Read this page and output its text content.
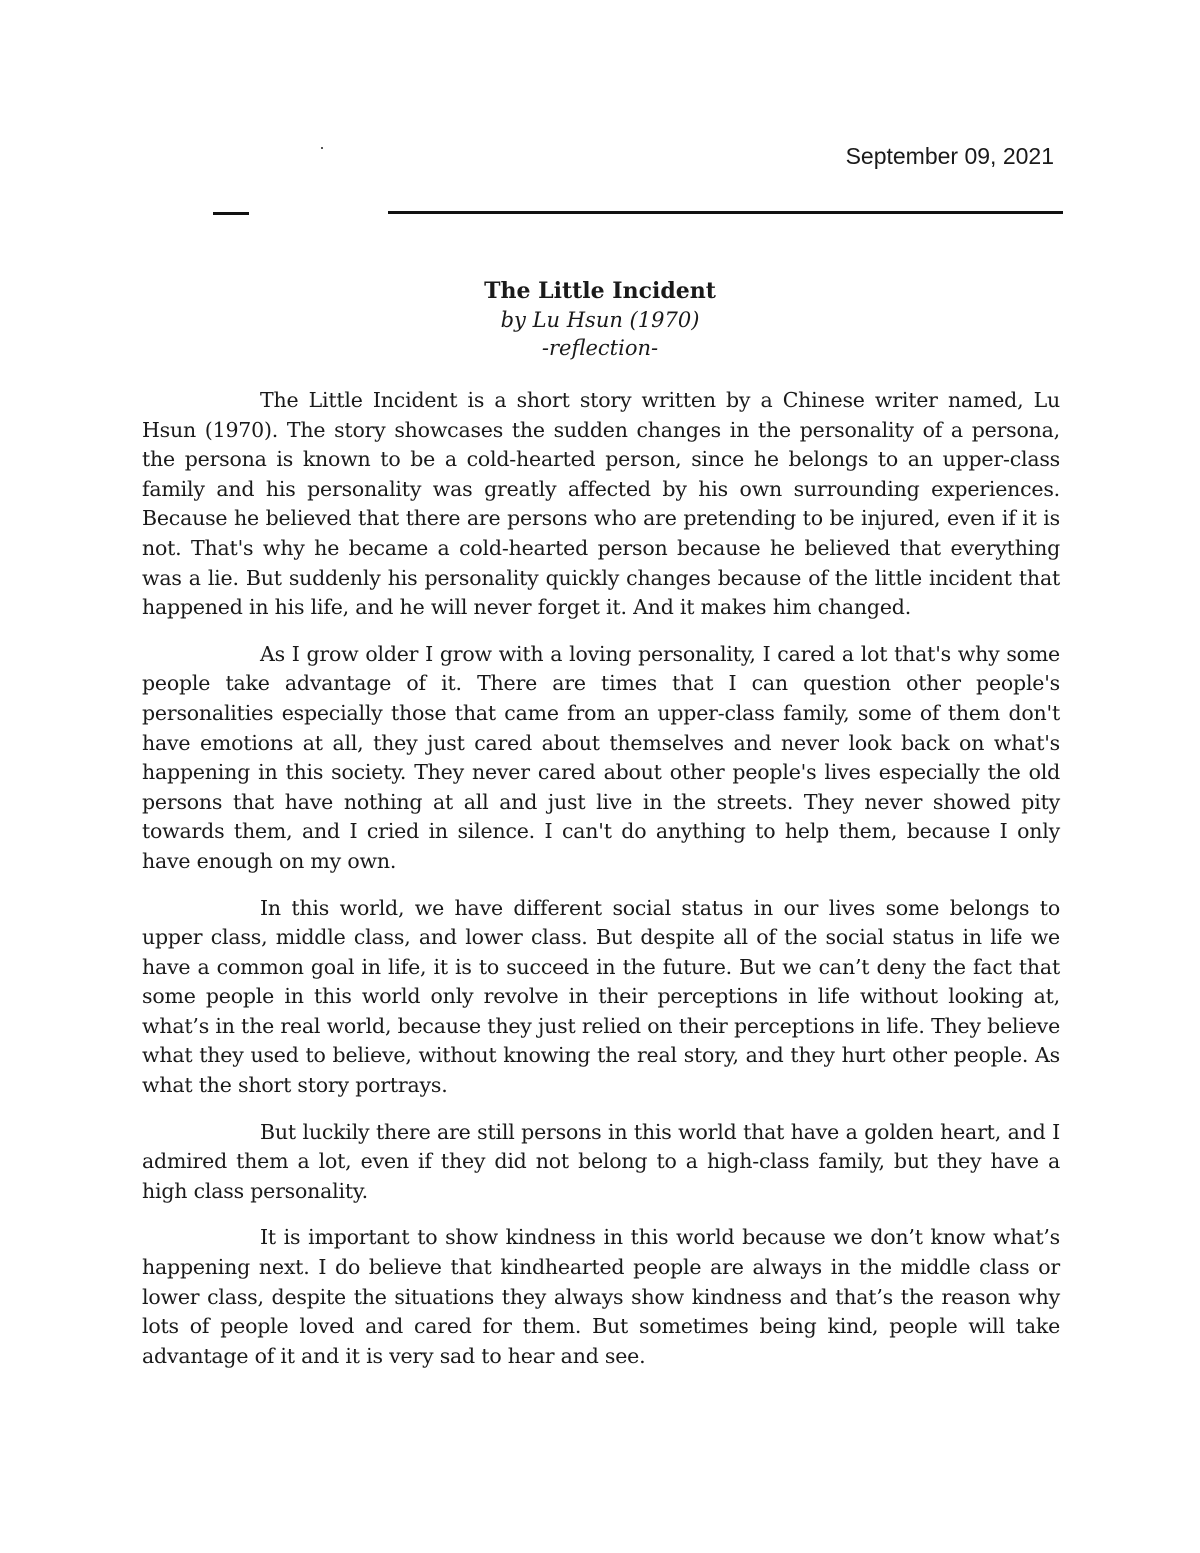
September 09, 2021
The Little Incident
by Lu Hsun (1970)
-reflection-

The Little Incident is a short story written by a Chinese writer named, Lu Hsun (1970). The story showcases the sudden changes in the personality of a persona, the persona is known to be a cold-hearted person, since he belongs to an upper-class family and his personality was greatly affected by his own surrounding experiences. Because he believed that there are persons who are pretending to be injured, even if it is not. That's why he became a cold-hearted person because he believed that everything was a lie. But suddenly his personality quickly changes because of the little incident that happened in his life, and he will never forget it. And it makes him changed.

As I grow older I grow with a loving personality, I cared a lot that's why some people take advantage of it. There are times that I can question other people's personalities especially those that came from an upper-class family, some of them don't have emotions at all, they just cared about themselves and never look back on what's happening in this society. They never cared about other people's lives especially the old persons that have nothing at all and just live in the streets. They never showed pity towards them, and I cried in silence. I can't do anything to help them, because I only have enough on my own.

In this world, we have different social status in our lives some belongs to upper class, middle class, and lower class. But despite all of the social status in life we have a common goal in life, it is to succeed in the future. But we can’t deny the fact that some people in this world only revolve in their perceptions in life without looking at, what’s in the real world, because they just relied on their perceptions in life. They believe what they used to believe, without knowing the real story, and they hurt other people. As what the short story portrays.

But luckily there are still persons in this world that have a golden heart, and I admired them a lot, even if they did not belong to a high-class family, but they have a high class personality.

It is important to show kindness in this world because we don’t know what’s happening next. I do believe that kindhearted people are always in the middle class or lower class, despite the situations they always show kindness and that’s the reason why lots of people loved and cared for them. But sometimes being kind, people will take advantage of it and it is very sad to hear and see.
